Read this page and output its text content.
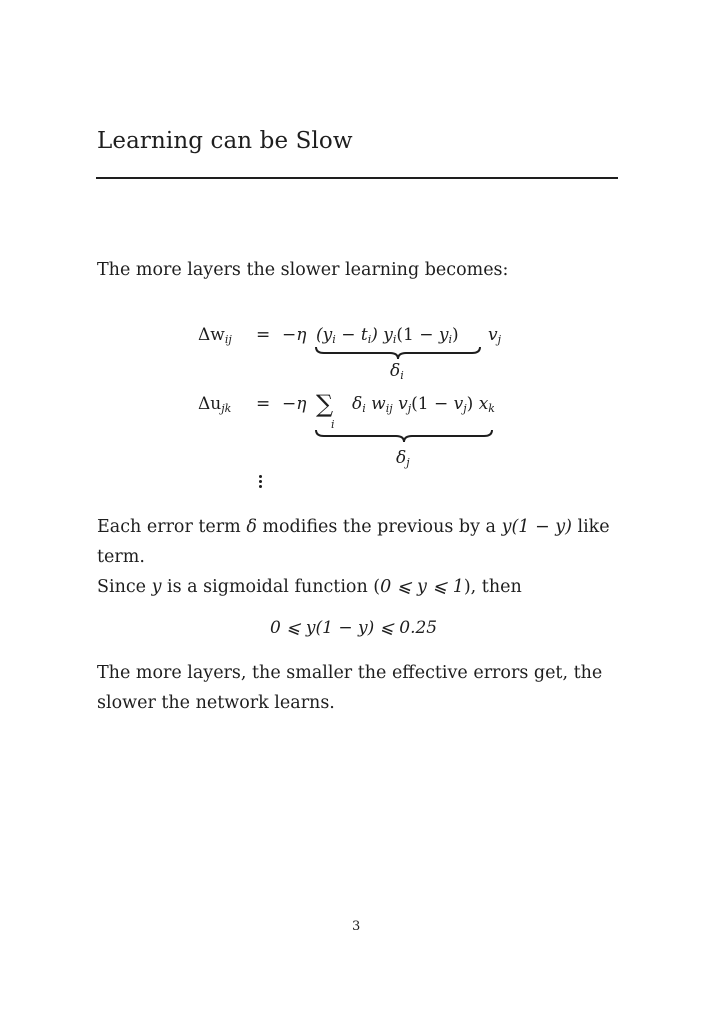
Learning can be Slow
The more layers the slower learning becomes:
$\Delta w_{ij} = -\eta$ $(y_i - t_i) y_i(1 - y_i)$ $v_j$
$\delta_i$
$\Delta u_{jk} = -\eta$ ∑
i
$\delta_i$ $w_{ij}$ $v_j(1 - v_j)$ $x_k$
$\delta_j$
Each error term δ modifies the previous by a y(1 − y) like
term.
Since y is a sigmoidal function (0 ⩽ y ⩽ 1), then
0 ⩽ y(1 − y) ⩽ 0.25
The more layers, the smaller the effective errors get, the
slower the network learns.
3
